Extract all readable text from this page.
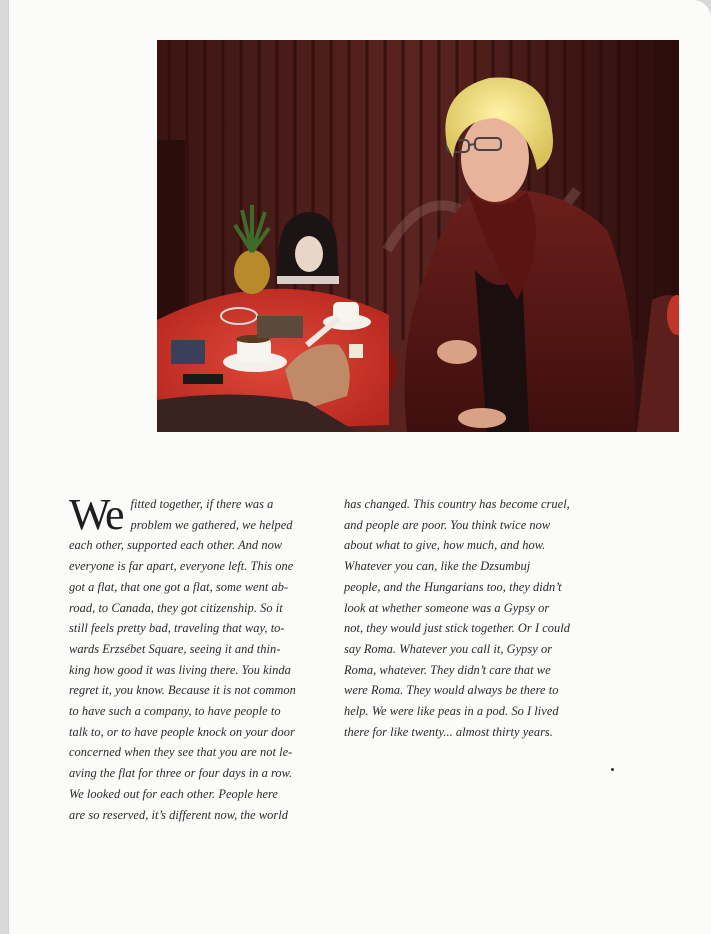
We fitted together, if there was a
problem we gathered, we helped
each other, supported each other. And now
everyone is far apart, everyone left. This one
got a flat, that one got a flat, some went ab-
road, to Canada, they got citizenship. So it
still feels pretty bad, traveling that way, to-
wards Erzsébet Square, seeing it and thin-
king how good it was living there. You kinda
regret it, you know. Because it is not common
to have such a company, to have people to
talk to, or to have people knock on your door
concerned when they see that you are not le-
aving the flat for three or four days in a row.
We looked out for each other. People here
are so reserved, it’s different now, the world
has changed. This country has become cruel,
and people are poor. You think twice now
about what to give, how much, and how.
Whatever you can, like the Dzsumbuj
people, and the Hungarians too, they didn’t
look at whether someone was a Gypsy or
not, they would just stick together. Or I could
say Roma. Whatever you call it, Gypsy or
Roma, whatever. They didn’t care that we
were Roma. They would always be there to
help. We were like peas in a pod. So I lived
there for like twenty... almost thirty years.
